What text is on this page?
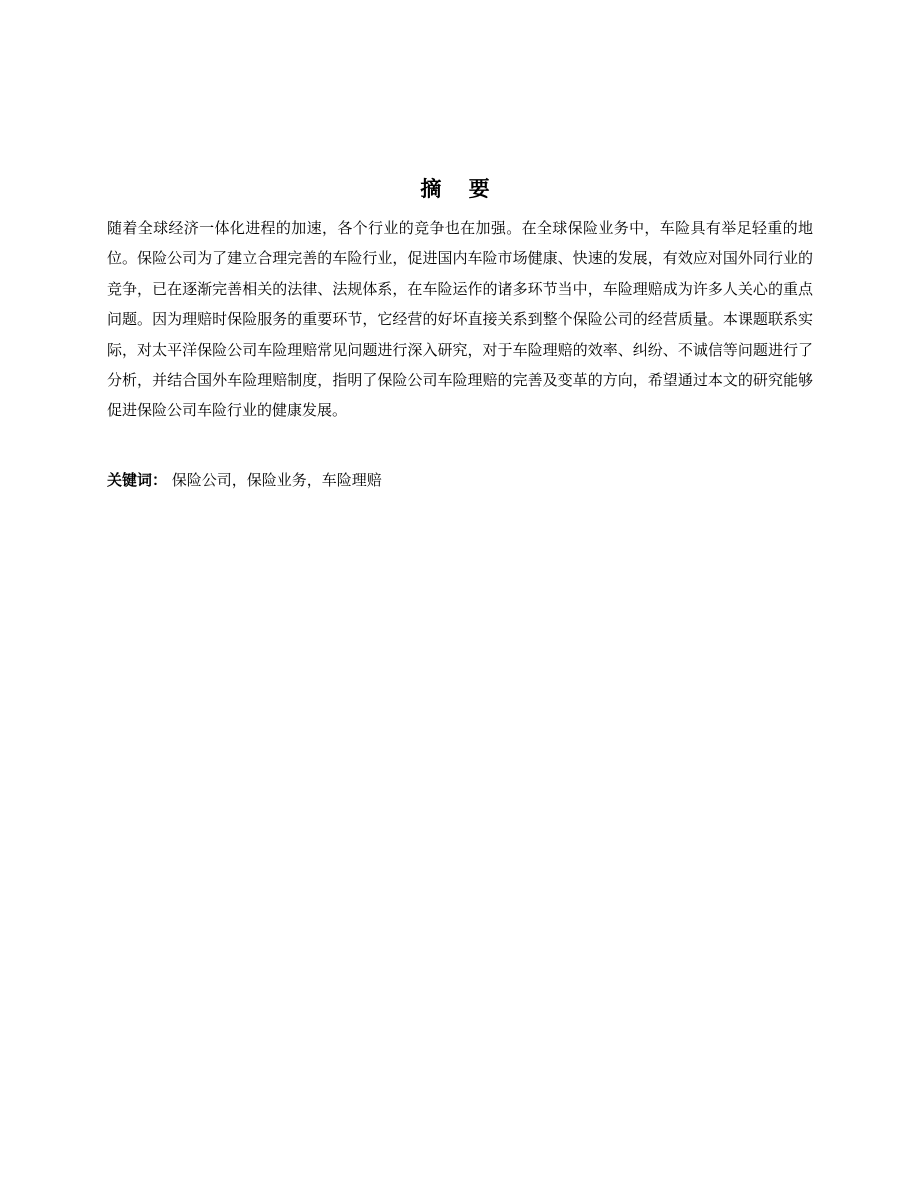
摘 要

随着全球经济一体化进程的加速，各个行业的竞争也在加强。在全球保险业务中，车险具有举足轻重的地位。保险公司为了建立合理完善的车险行业，促进国内车险市场健康、快速的发展，有效应对国外同行业的竞争，已在逐渐完善相关的法律、法规体系，在车险运作的诸多环节当中，车险理赔成为许多人关心的重点问题。因为理赔时保险服务的重要环节，它经营的好坏直接关系到整个保险公司的经营质量。本课题联系实际，对太平洋保险公司车险理赔常见问题进行深入研究，对于车险理赔的效率、纠纷、不诚信等问题进行了分析，并结合国外车险理赔制度，指明了保险公司车险理赔的完善及变革的方向，希望通过本文的研究能够促进保险公司车险行业的健康发展。

关键词： 保险公司，保险业务，车险理赔
